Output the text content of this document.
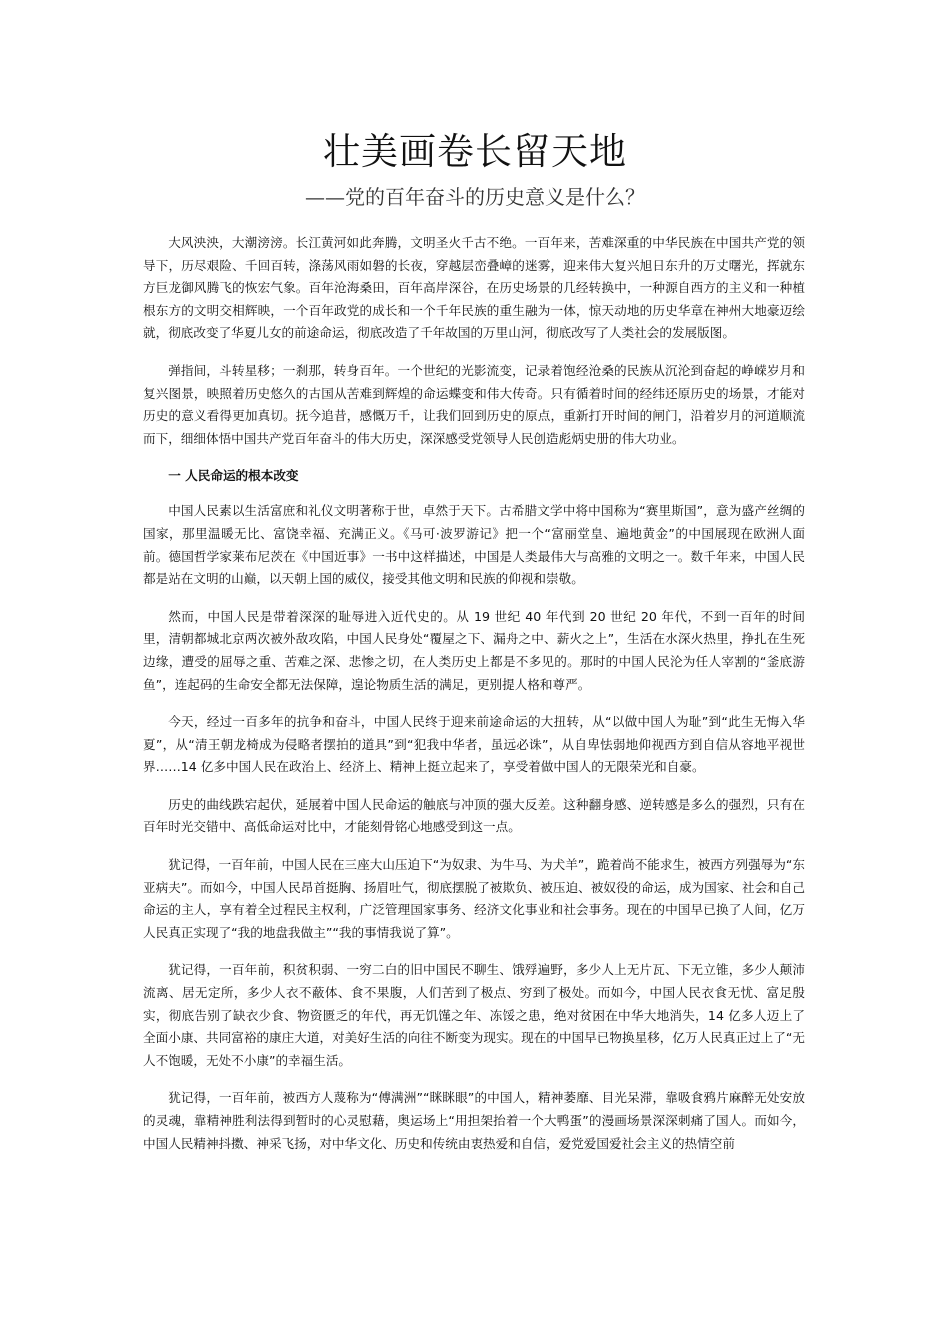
壮美画卷长留天地
——党的百年奋斗的历史意义是什么？

大风泱泱，大潮滂滂。长江黄河如此奔腾，文明圣火千古不绝。一百年来，苦难深重的中华民族在中国共产党的领导下，历尽艰险、千回百转，涤荡风雨如磐的长夜，穿越层峦叠嶂的迷雾，迎来伟大复兴旭日东升的万丈曙光，挥就东方巨龙御风腾飞的恢宏气象。百年沧海桑田，百年高岸深谷，在历史场景的几经转换中，一种源自西方的主义和一种植根东方的文明交相辉映，一个百年政党的成长和一个千年民族的重生融为一体，惊天动地的历史华章在神州大地豪迈绘就，彻底改变了华夏儿女的前途命运，彻底改造了千年故国的万里山河，彻底改写了人类社会的发展版图。

弹指间，斗转星移；一刹那，转身百年。一个世纪的光影流变，记录着饱经沧桑的民族从沉沦到奋起的峥嵘岁月和复兴图景，映照着历史悠久的古国从苦难到辉煌的命运蝶变和伟大传奇。只有循着时间的经纬还原历史的场景，才能对历史的意义看得更加真切。抚今追昔，感慨万千，让我们回到历史的原点，重新打开时间的闸门，沿着岁月的河道顺流而下，细细体悟中国共产党百年奋斗的伟大历史，深深感受党领导人民创造彪炳史册的伟大功业。

一 人民命运的根本改变

中国人民素以生活富庶和礼仪文明著称于世，卓然于天下。古希腊文学中将中国称为“赛里斯国”，意为盛产丝绸的国家，那里温暖无比、富饶幸福、充满正义。《马可·波罗游记》把一个“富丽堂皇、遍地黄金”的中国展现在欧洲人面前。德国哲学家莱布尼茨在《中国近事》一书中这样描述，中国是人类最伟大与高雅的文明之一。数千年来，中国人民都是站在文明的山巅，以天朝上国的威仪，接受其他文明和民族的仰视和崇敬。

然而，中国人民是带着深深的耻辱进入近代史的。从 19 世纪 40 年代到 20 世纪 20 年代，不到一百年的时间里，清朝都城北京两次被外敌攻陷，中国人民身处“覆屋之下、漏舟之中、薪火之上”，生活在水深火热里，挣扎在生死边缘，遭受的屈辱之重、苦难之深、悲惨之切，在人类历史上都是不多见的。那时的中国人民沦为任人宰割的“釜底游鱼”，连起码的生命安全都无法保障，遑论物质生活的满足，更别提人格和尊严。

今天，经过一百多年的抗争和奋斗，中国人民终于迎来前途命运的大扭转，从“以做中国人为耻”到“此生无悔入华夏”，从“清王朝龙椅成为侵略者摆拍的道具”到“犯我中华者，虽远必诛”，从自卑怯弱地仰视西方到自信从容地平视世界……14 亿多中国人民在政治上、经济上、精神上挺立起来了，享受着做中国人的无限荣光和自豪。

历史的曲线跌宕起伏，延展着中国人民命运的触底与冲顶的强大反差。这种翻身感、逆转感是多么的强烈，只有在百年时光交错中、高低命运对比中，才能刻骨铭心地感受到这一点。

犹记得，一百年前，中国人民在三座大山压迫下“为奴隶、为牛马、为犬羊”，跪着尚不能求生，被西方列强辱为“东亚病夫”。而如今，中国人民昂首挺胸、扬眉吐气，彻底摆脱了被欺负、被压迫、被奴役的命运，成为国家、社会和自己命运的主人，享有着全过程民主权利，广泛管理国家事务、经济文化事业和社会事务。现在的中国早已换了人间，亿万人民真正实现了“我的地盘我做主”“我的事情我说了算”。

犹记得，一百年前，积贫积弱、一穷二白的旧中国民不聊生、饿殍遍野，多少人上无片瓦、下无立锥，多少人颠沛流离、居无定所，多少人衣不蔽体、食不果腹，人们苦到了极点、穷到了极处。而如今，中国人民衣食无忧、富足殷实，彻底告别了缺衣少食、物资匮乏的年代，再无饥馑之年、冻馁之患，绝对贫困在中华大地消失，14 亿多人迈上了全面小康、共同富裕的康庄大道，对美好生活的向往不断变为现实。现在的中国早已物换星移，亿万人民真正过上了“无人不饱暖，无处不小康”的幸福生活。

犹记得，一百年前，被西方人蔑称为“傅满洲”“眯眯眼”的中国人，精神萎靡、目光呆滞，靠吸食鸦片麻醉无处安放的灵魂，靠精神胜利法得到暂时的心灵慰藉，奥运场上“用担架抬着一个大鸭蛋”的漫画场景深深刺痛了国人。而如今，中国人民精神抖擞、神采飞扬，对中华文化、历史和传统由衷热爱和自信，爱党爱国爱社会主义的热情空前
